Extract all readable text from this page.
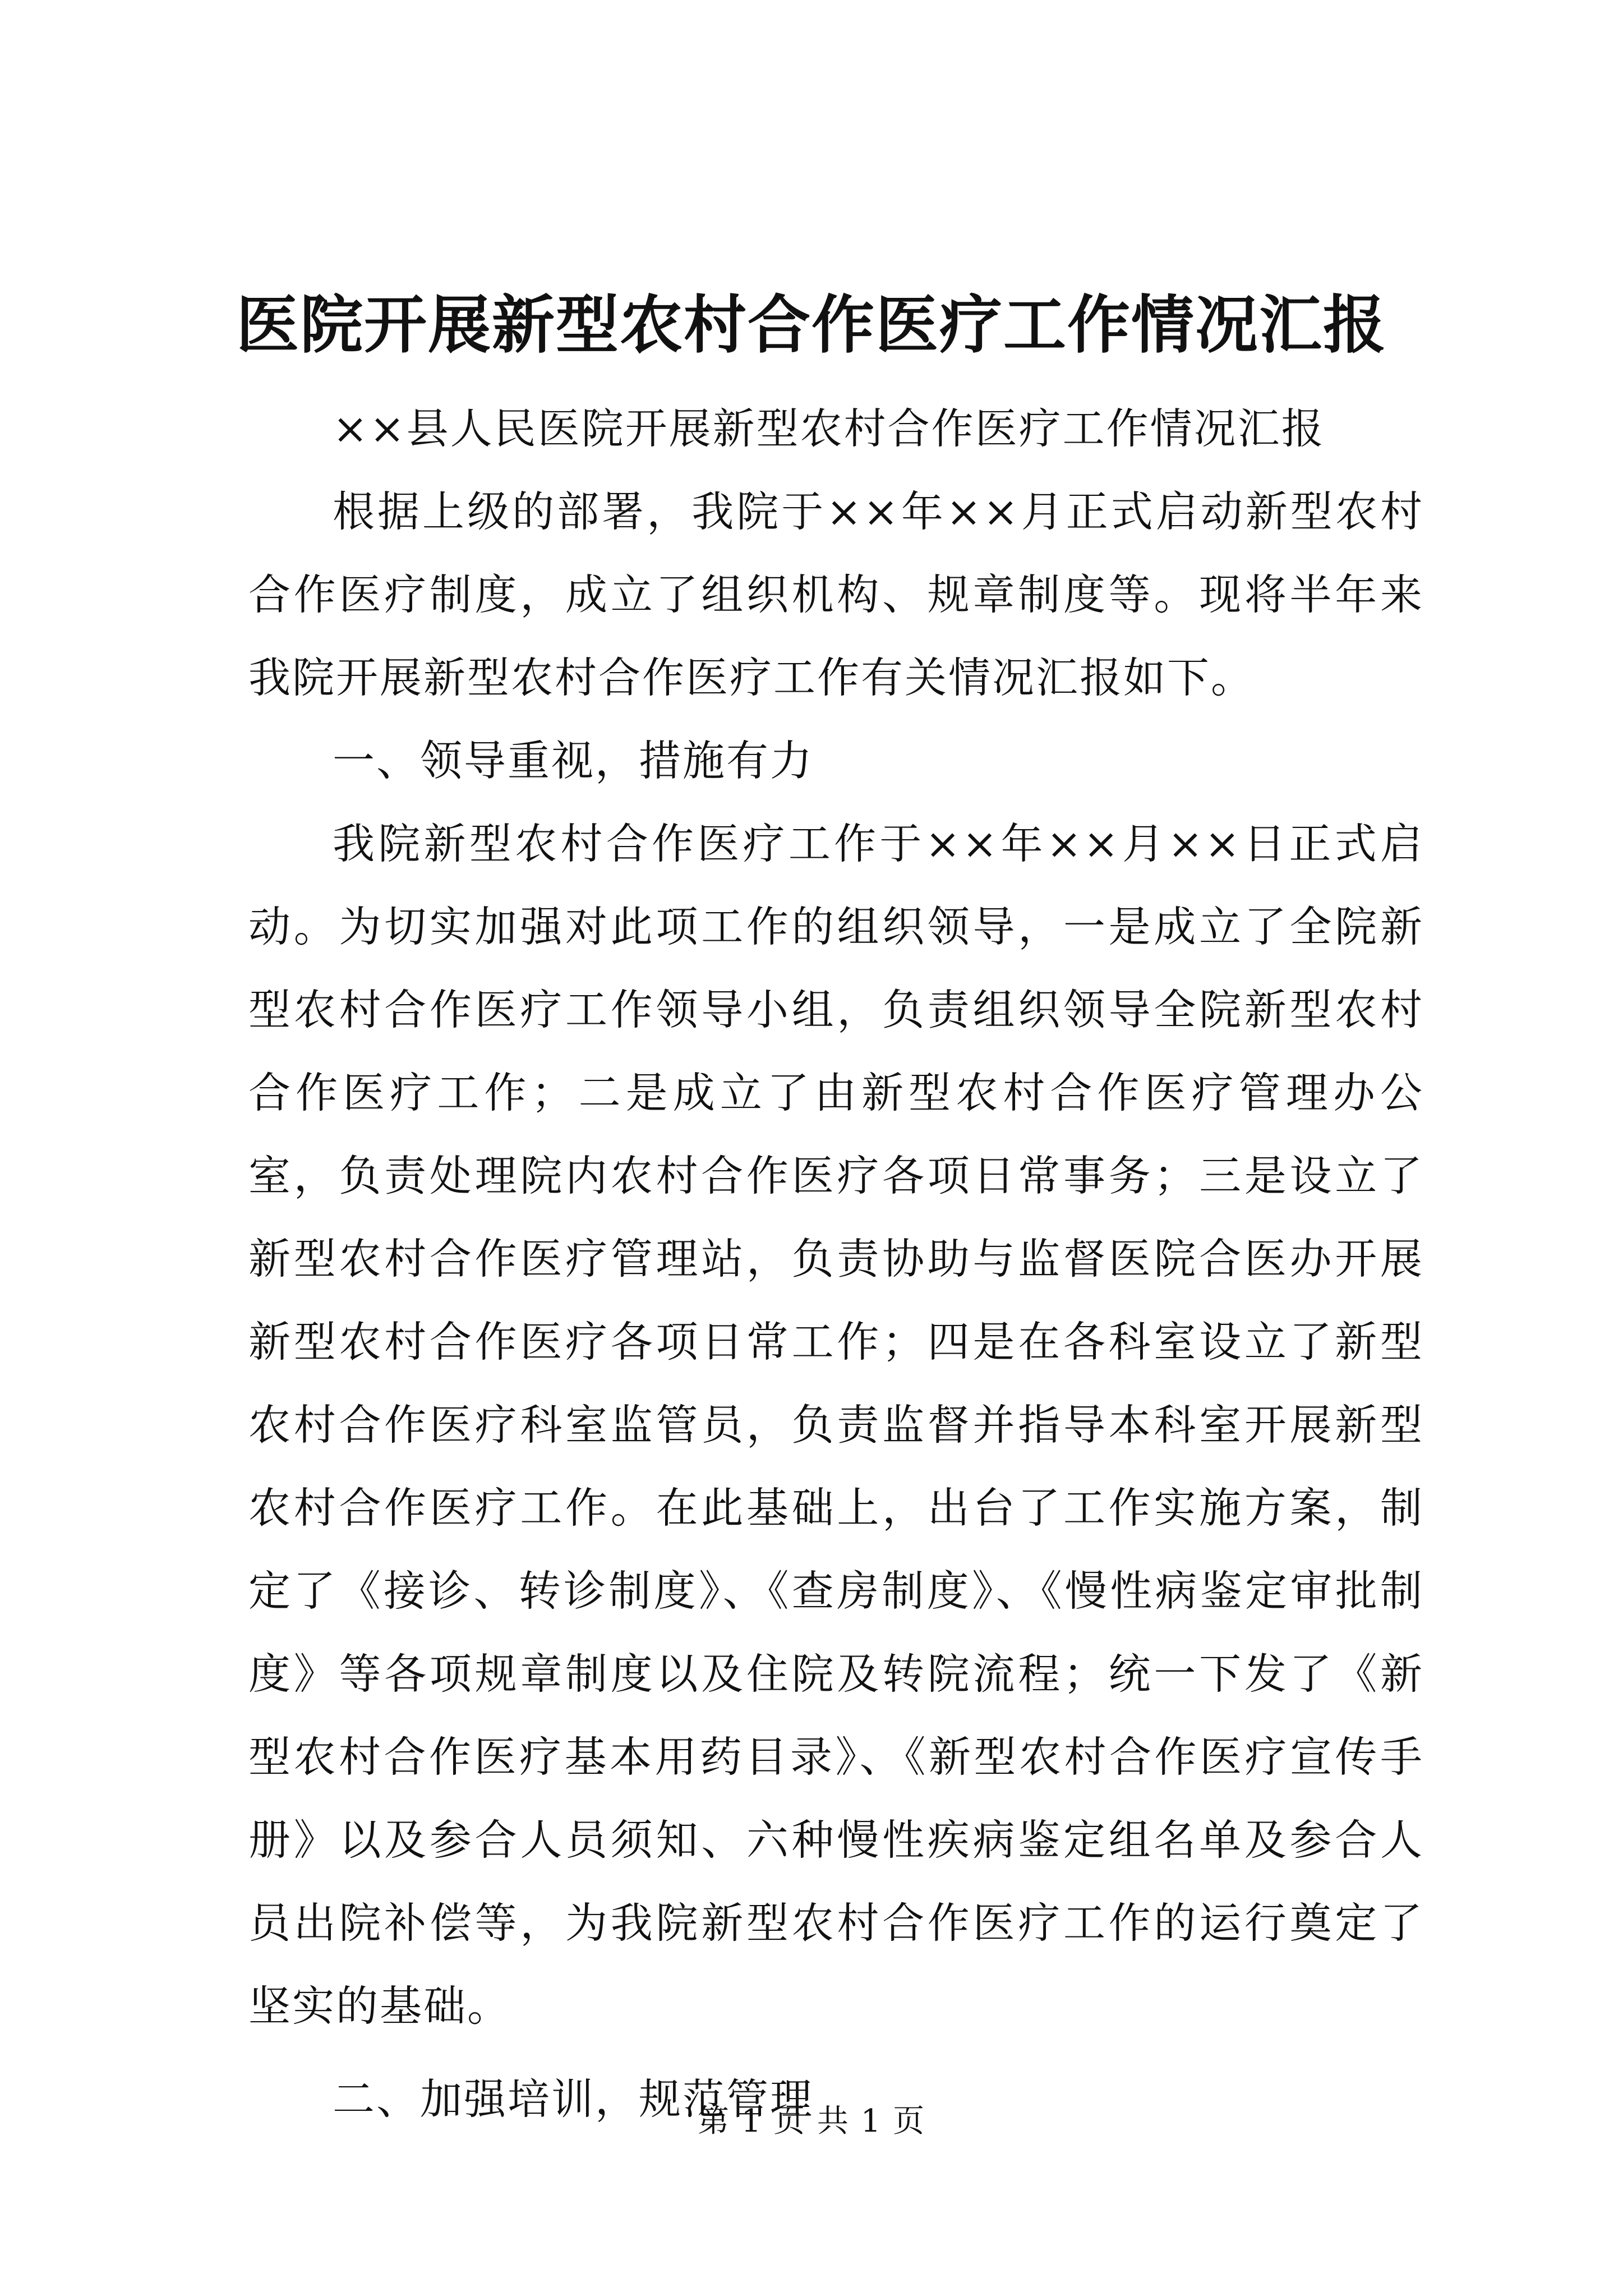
医院开展新型农村合作医疗工作情况汇报

××县人民医院开展新型农村合作医疗工作情况汇报

根据上级的部署，我院于××年××月正式启动新型农村合作医疗制度，成立了组织机构、规章制度等。现将半年来我院开展新型农村合作医疗工作有关情况汇报如下。

一、领导重视，措施有力

我院新型农村合作医疗工作于××年××月××日正式启动。为切实加强对此项工作的组织领导，一是成立了全院新型农村合作医疗工作领导小组，负责组织领导全院新型农村合作医疗工作；二是成立了由新型农村合作医疗管理办公室，负责处理院内农村合作医疗各项日常事务；三是设立了新型农村合作医疗管理站，负责协助与监督医院合医办开展新型农村合作医疗各项日常工作；四是在各科室设立了新型农村合作医疗科室监管员，负责监督并指导本科室开展新型农村合作医疗工作。在此基础上，出台了工作实施方案，制定了《接诊、转诊制度》、《查房制度》、《慢性病鉴定审批制度》等各项规章制度以及住院及转院流程；统一下发了《新型农村合作医疗基本用药目录》、《新型农村合作医疗宣传手册》以及参合人员须知、六种慢性疾病鉴定组名单及参合人员出院补偿等，为我院新型农村合作医疗工作的运行奠定了坚实的基础。

二、加强培训，规范管理

第 1 页 共 1 页
